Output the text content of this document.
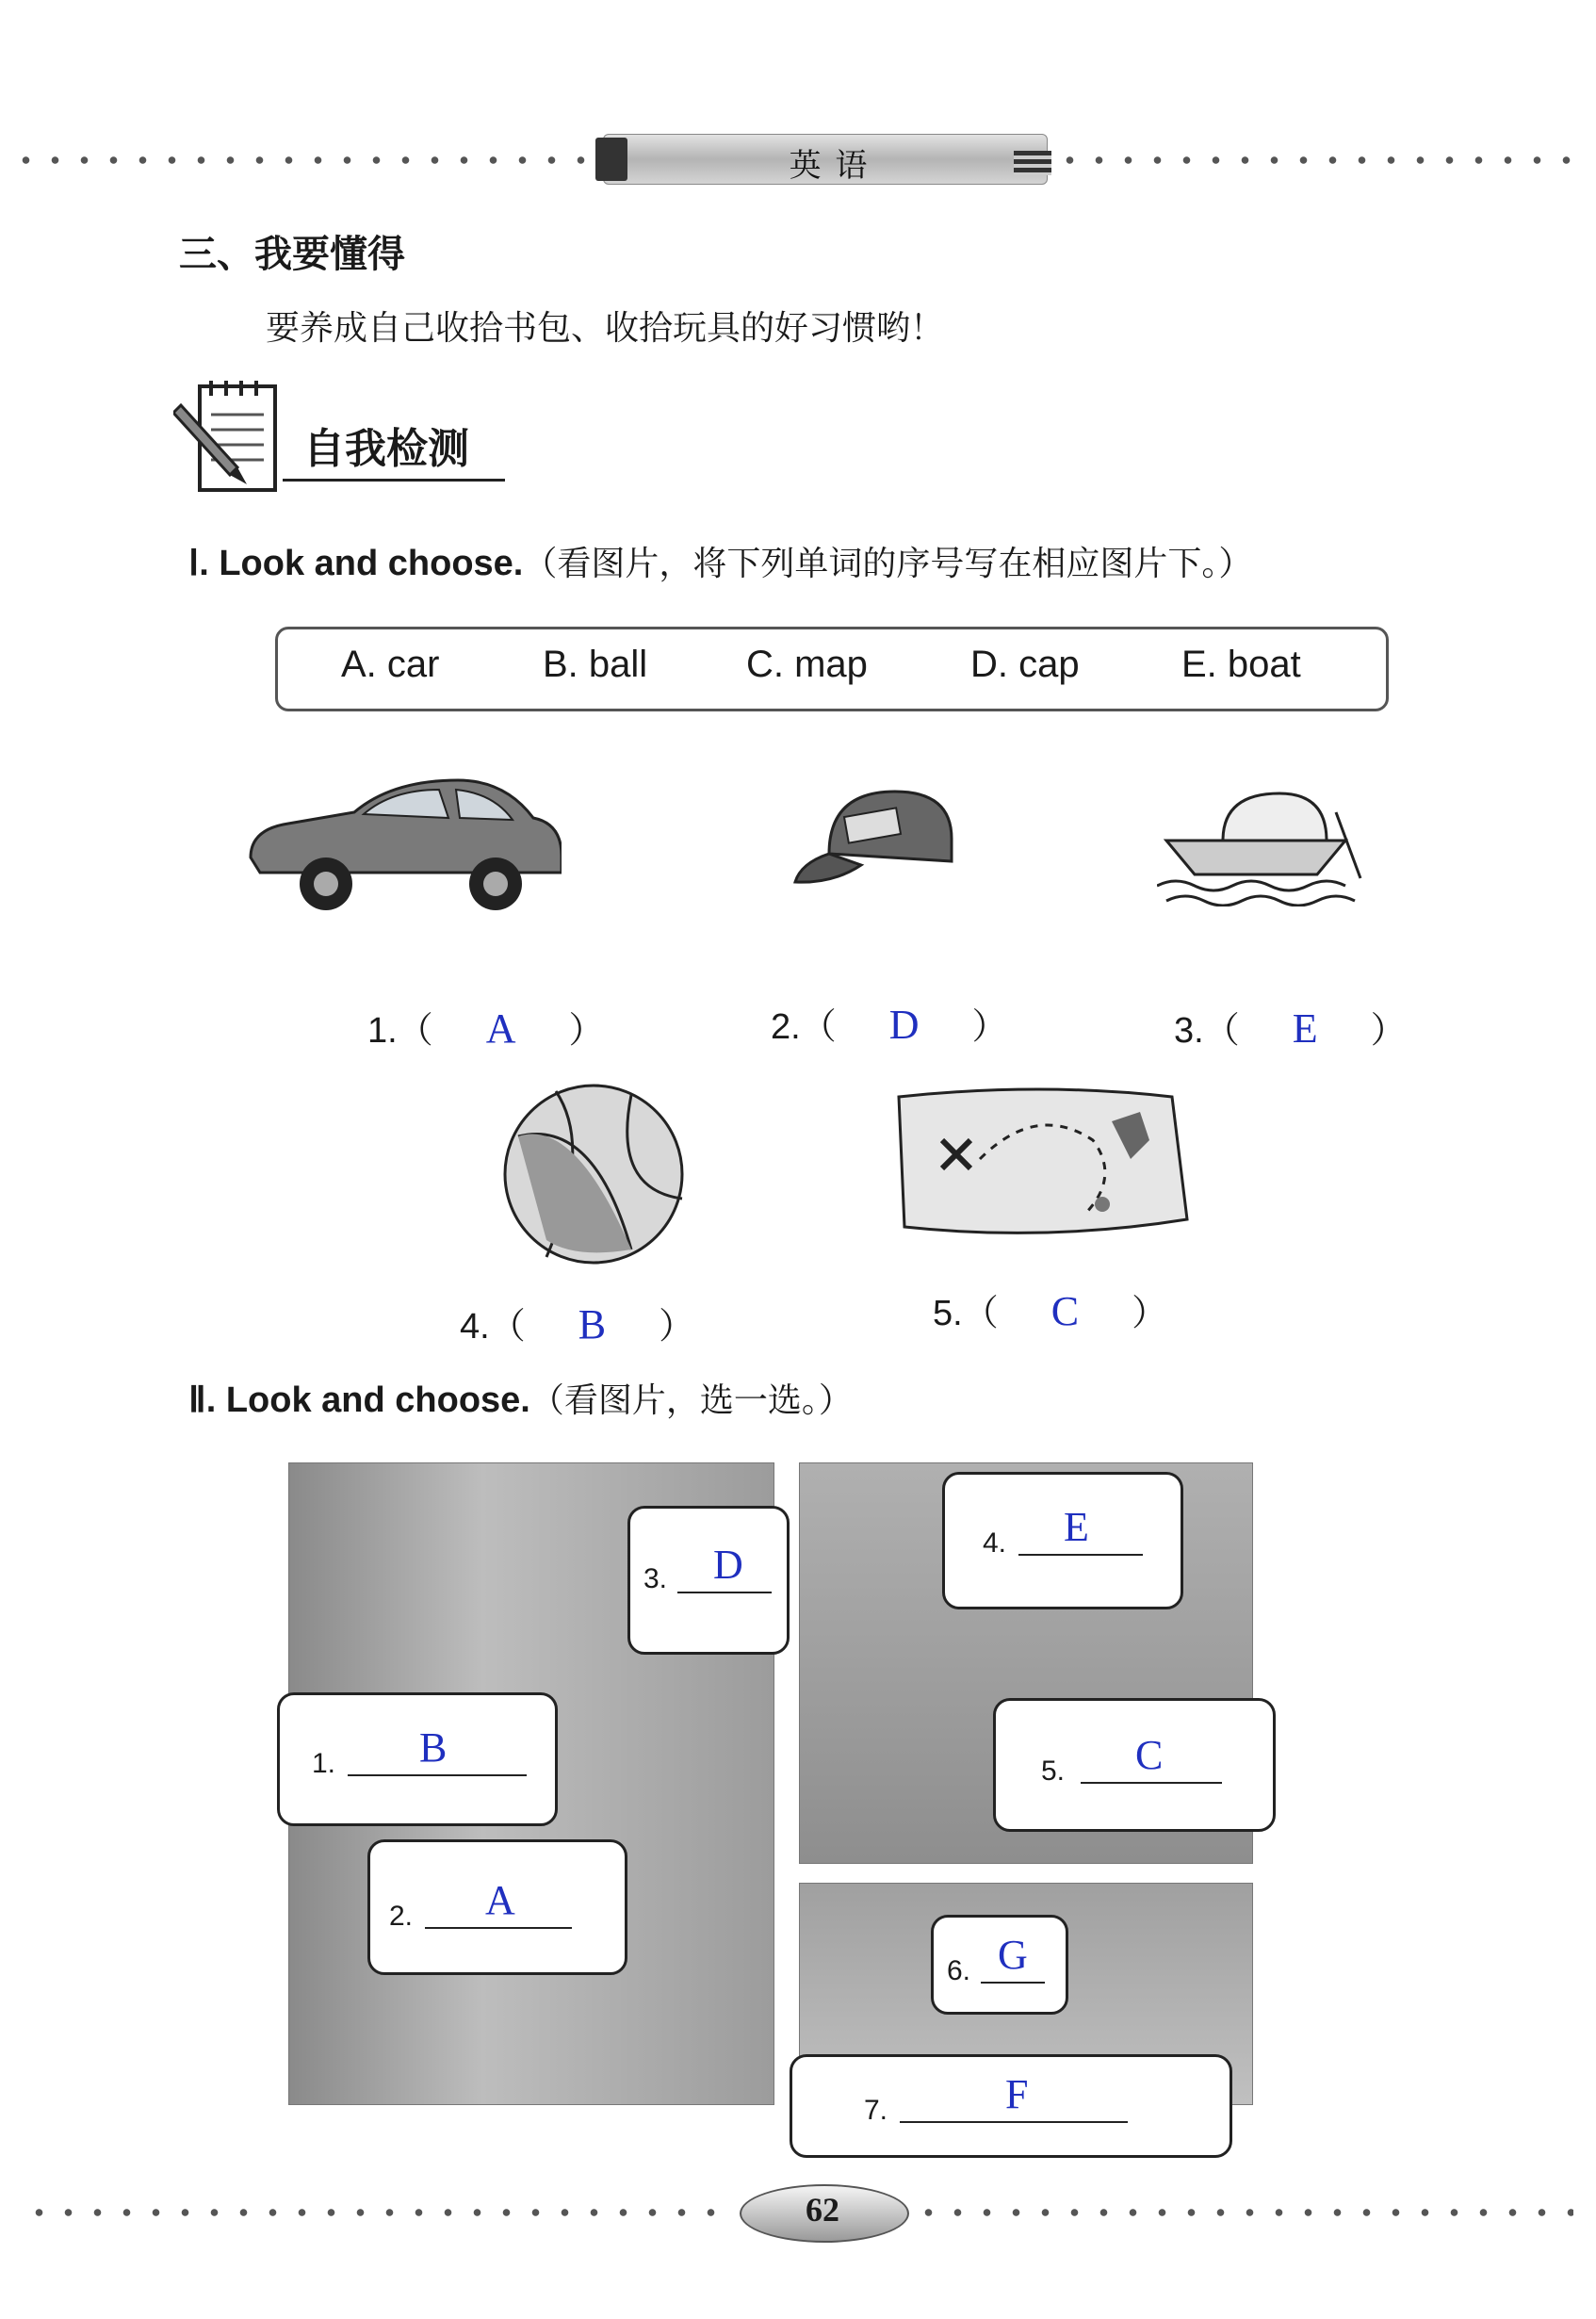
英 语
三、我要懂得
要养成自己收拾书包、收拾玩具的好习惯哟！
自我检测
Ⅰ. Look and choose.（看图片，将下列单词的序号写在相应图片下。）
A. car	B. ball	C. map	D. cap	E. boat
1.（ A ）	2.（ D ）	3.（ E ）
4.（ B ）	5.（ C ）
Ⅱ. Look and choose.（看图片，选一选。）
1. B
2. A
3. D	4. E
5. C
6. G
7.	F
62
